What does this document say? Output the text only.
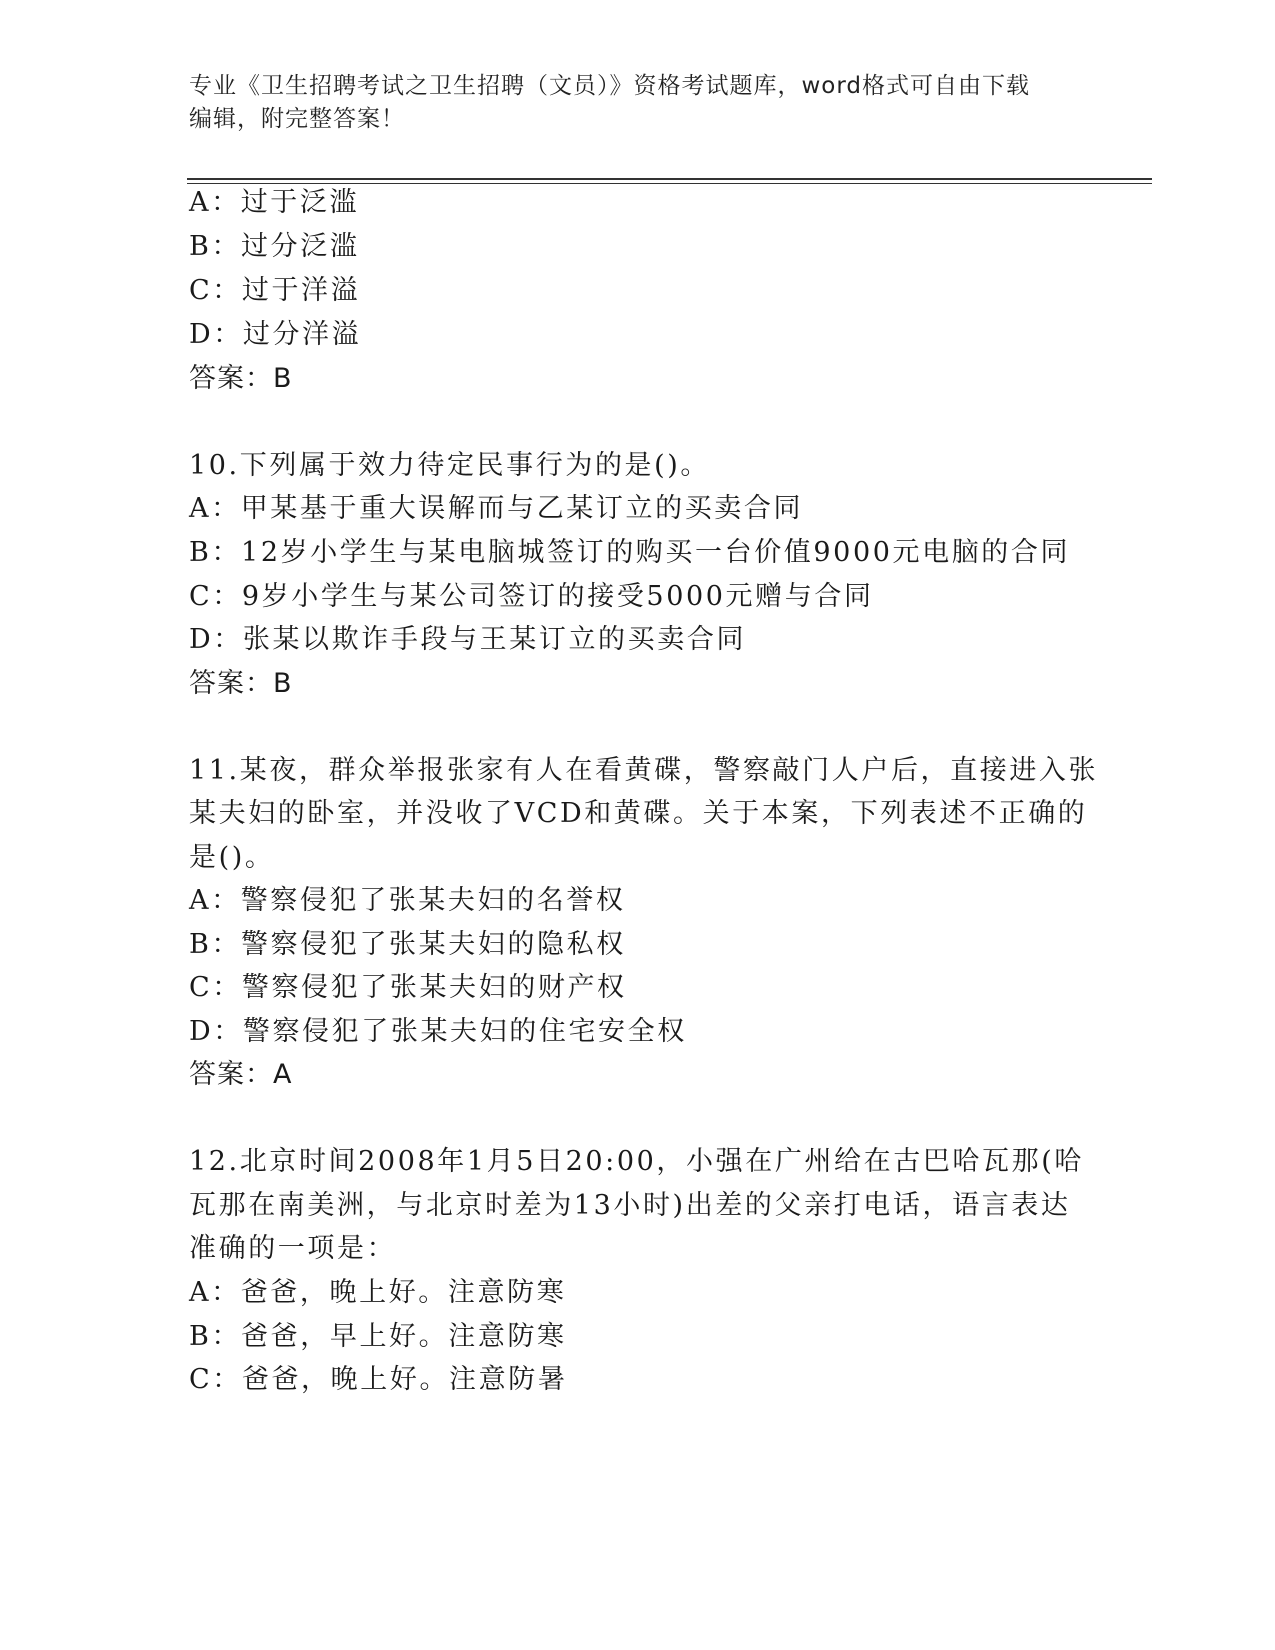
专业《卫生招聘考试之卫生招聘（文员）》资格考试题库，word格式可自由下载
编辑，附完整答案！
A：过于泛滥
B：过分泛滥
C：过于洋溢
D：过分洋溢
答案：B
10.下列属于效力待定民事行为的是()。
A：甲某基于重大误解而与乙某订立的买卖合同
B：12岁小学生与某电脑城签订的购买一台价值9000元电脑的合同
C：9岁小学生与某公司签订的接受5000元赠与合同
D：张某以欺诈手段与王某订立的买卖合同
答案：B
11.某夜，群众举报张家有人在看黄碟，警察敲门人户后，直接进入张
某夫妇的卧室，并没收了VCD和黄碟。关于本案，下列表述不正确的
是()。
A：警察侵犯了张某夫妇的名誉权
B：警察侵犯了张某夫妇的隐私权
C：警察侵犯了张某夫妇的财产权
D：警察侵犯了张某夫妇的住宅安全权
答案：A
12.北京时间2008年1月5日20:00，小强在广州给在古巴哈瓦那(哈
瓦那在南美洲，与北京时差为13小时)出差的父亲打电话，语言表达
准确的一项是：
A：爸爸，晚上好。注意防寒
B：爸爸，早上好。注意防寒
C：爸爸，晚上好。注意防暑
